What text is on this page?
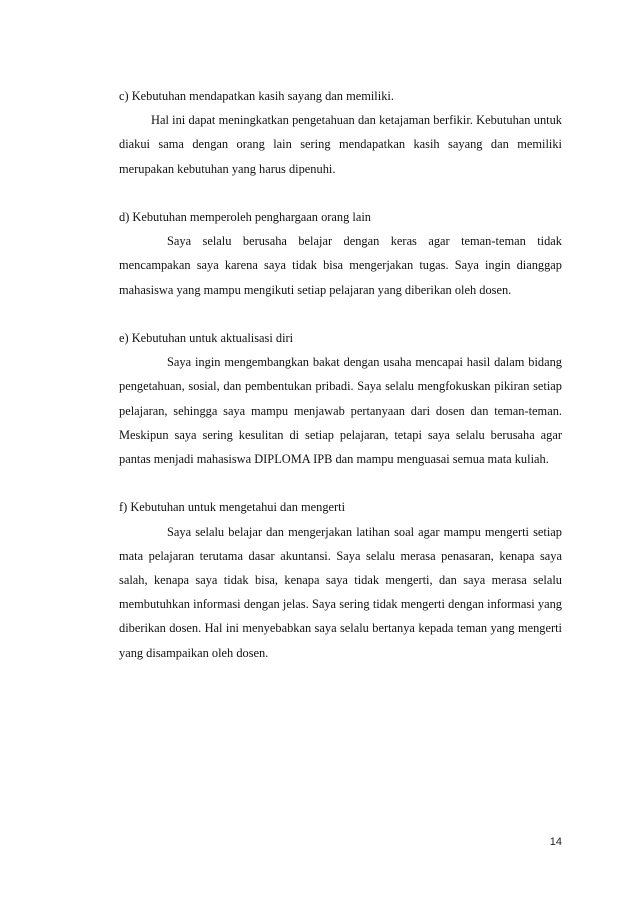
c) Kebutuhan mendapatkan kasih sayang dan memiliki.

Hal ini dapat meningkatkan pengetahuan dan ketajaman berfikir. Kebutuhan untuk diakui sama dengan orang lain sering mendapatkan kasih sayang dan memiliki merupakan kebutuhan yang harus dipenuhi.

d) Kebutuhan memperoleh penghargaan orang lain

Saya selalu berusaha belajar dengan keras agar teman-teman tidak mencampakan saya karena saya tidak bisa mengerjakan tugas. Saya ingin dianggap mahasiswa yang mampu mengikuti setiap pelajaran yang diberikan oleh dosen.

e) Kebutuhan untuk aktualisasi diri

Saya ingin mengembangkan bakat dengan usaha mencapai hasil dalam bidang pengetahuan, sosial, dan pembentukan pribadi. Saya selalu mengfokuskan pikiran setiap pelajaran, sehingga saya mampu menjawab pertanyaan dari dosen dan teman-teman. Meskipun saya sering kesulitan di setiap pelajaran, tetapi saya selalu berusaha agar pantas menjadi mahasiswa DIPLOMA IPB dan mampu menguasai semua mata kuliah.

f) Kebutuhan untuk mengetahui dan mengerti

Saya selalu belajar dan mengerjakan latihan soal agar mampu mengerti setiap mata pelajaran terutama dasar akuntansi. Saya selalu merasa penasaran, kenapa saya salah, kenapa saya tidak bisa, kenapa saya tidak mengerti, dan saya merasa selalu membutuhkan informasi dengan jelas. Saya sering tidak mengerti dengan informasi yang diberikan dosen. Hal ini menyebabkan saya selalu bertanya kepada teman yang mengerti yang disampaikan oleh dosen.

14
